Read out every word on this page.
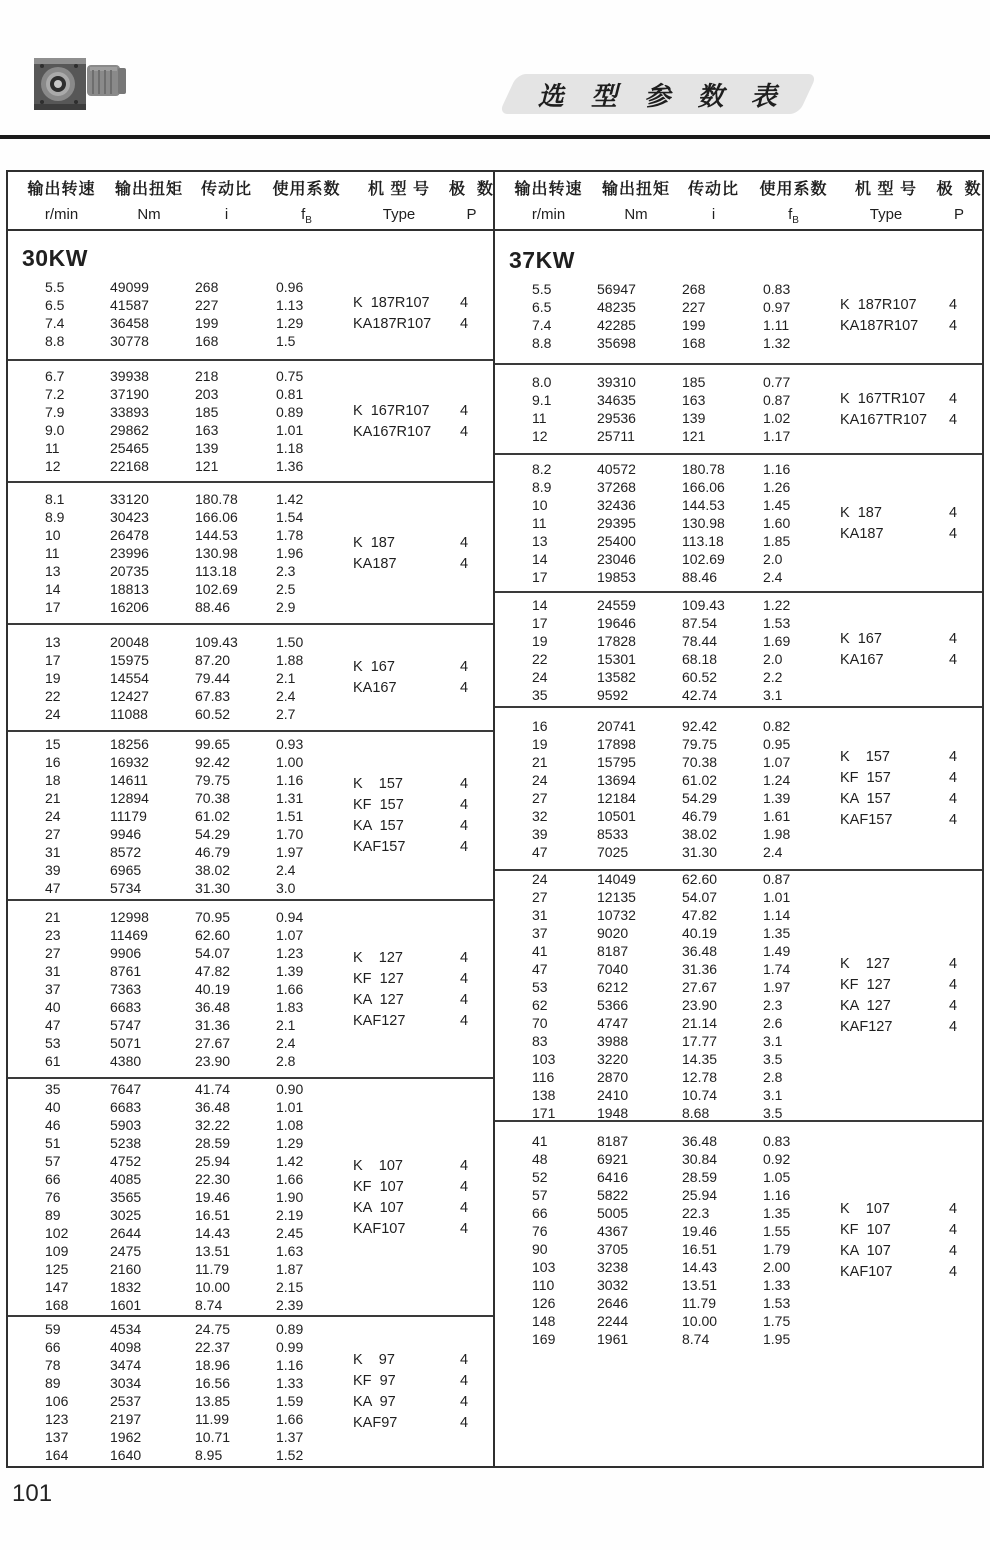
选 型 参 数 表
输出转速
r/min
输出扭矩
Nm
传动比
i
使用系数
$f_B$
机 型 号
Type
极  数
P
30KW
5.5	49099	268	0.96
6.5	41587	227	1.13
7.4	36458	199	1.29
8.8	30778	168	1.5
K  187R107	4
KA187R107	4
6.7	39938	218	0.75
7.2	37190	203	0.81
7.9	33893	185	0.89
9.0	29862	163	1.01
11	25465	139	1.18
12	22168	121	1.36
K  167R107	4
KA167R107	4
8.1	33120	180.78	1.42
8.9	30423	166.06	1.54
10	26478	144.53	1.78
11	23996	130.98	1.96
13	20735	113.18	2.3
14	18813	102.69	2.5
17	16206	88.46	2.9
K  187	4
KA187	4
13	20048	109.43	1.50
17	15975	87.20	1.88
19	14554	79.44	2.1
22	12427	67.83	2.4
24	11088	60.52	2.7
K  167	4
KA167	4
15	18256	99.65	0.93
16	16932	92.42	1.00
18	14611	79.75	1.16
21	12894	70.38	1.31
24	11179	61.02	1.51
27	9946	54.29	1.70
31	8572	46.79	1.97
39	6965	38.02	2.4
47	5734	31.30	3.0
K    157	4
KF  157	4
KA  157	4
KAF157	4
21	12998	70.95	0.94
23	11469	62.60	1.07
27	9906	54.07	1.23
31	8761	47.82	1.39
37	7363	40.19	1.66
40	6683	36.48	1.83
47	5747	31.36	2.1
53	5071	27.67	2.4
61	4380	23.90	2.8
K    127	4
KF  127	4
KA  127	4
KAF127	4
35	7647	41.74	0.90
40	6683	36.48	1.01
46	5903	32.22	1.08
51	5238	28.59	1.29
57	4752	25.94	1.42
66	4085	22.30	1.66
76	3565	19.46	1.90
89	3025	16.51	2.19
102	2644	14.43	2.45
109	2475	13.51	1.63
125	2160	11.79	1.87
147	1832	10.00	2.15
168	1601	8.74	2.39
K    107	4
KF  107	4
KA  107	4
KAF107	4
59	4534	24.75	0.89
66	4098	22.37	0.99
78	3474	18.96	1.16
89	3034	16.56	1.33
106	2537	13.85	1.59
123	2197	11.99	1.66
137	1962	10.71	1.37
164	1640	8.95	1.52
K    97	4
KF  97	4
KA  97	4
KAF97	4
输出转速
r/min
输出扭矩
Nm
传动比
i
使用系数
$f_B$
机 型 号
Type
极  数
P
37KW
5.5	56947	268	0.83
6.5	48235	227	0.97
7.4	42285	199	1.11
8.8	35698	168	1.32
K  187R107	4
KA187R107	4
8.0	39310	185	0.77
9.1	34635	163	0.87
11	29536	139	1.02
12	25711	121	1.17
K  167TR107	4
KA167TR107	4
8.2	40572	180.78	1.16
8.9	37268	166.06	1.26
10	32436	144.53	1.45
11	29395	130.98	1.60
13	25400	113.18	1.85
14	23046	102.69	2.0
17	19853	88.46	2.4
K  187	4
KA187	4
14	24559	109.43	1.22
17	19646	87.54	1.53
19	17828	78.44	1.69
22	15301	68.18	2.0
24	13582	60.52	2.2
35	9592	42.74	3.1
K  167	4
KA167	4
16	20741	92.42	0.82
19	17898	79.75	0.95
21	15795	70.38	1.07
24	13694	61.02	1.24
27	12184	54.29	1.39
32	10501	46.79	1.61
39	8533	38.02	1.98
47	7025	31.30	2.4
K    157	4
KF  157	4
KA  157	4
KAF157	4
24	14049	62.60	0.87
27	12135	54.07	1.01
31	10732	47.82	1.14
37	9020	40.19	1.35
41	8187	36.48	1.49
47	7040	31.36	1.74
53	6212	27.67	1.97
62	5366	23.90	2.3
70	4747	21.14	2.6
83	3988	17.77	3.1
103	3220	14.35	3.5
116	2870	12.78	2.8
138	2410	10.74	3.1
171	1948	8.68	3.5
K    127	4
KF  127	4
KA  127	4
KAF127	4
41	8187	36.48	0.83
48	6921	30.84	0.92
52	6416	28.59	1.05
57	5822	25.94	1.16
66	5005	22.3	1.35
76	4367	19.46	1.55
90	3705	16.51	1.79
103	3238	14.43	2.00
110	3032	13.51	1.33
126	2646	11.79	1.53
148	2244	10.00	1.75
169	1961	8.74	1.95
K    107	4
KF  107	4
KA  107	4
KAF107	4
101
